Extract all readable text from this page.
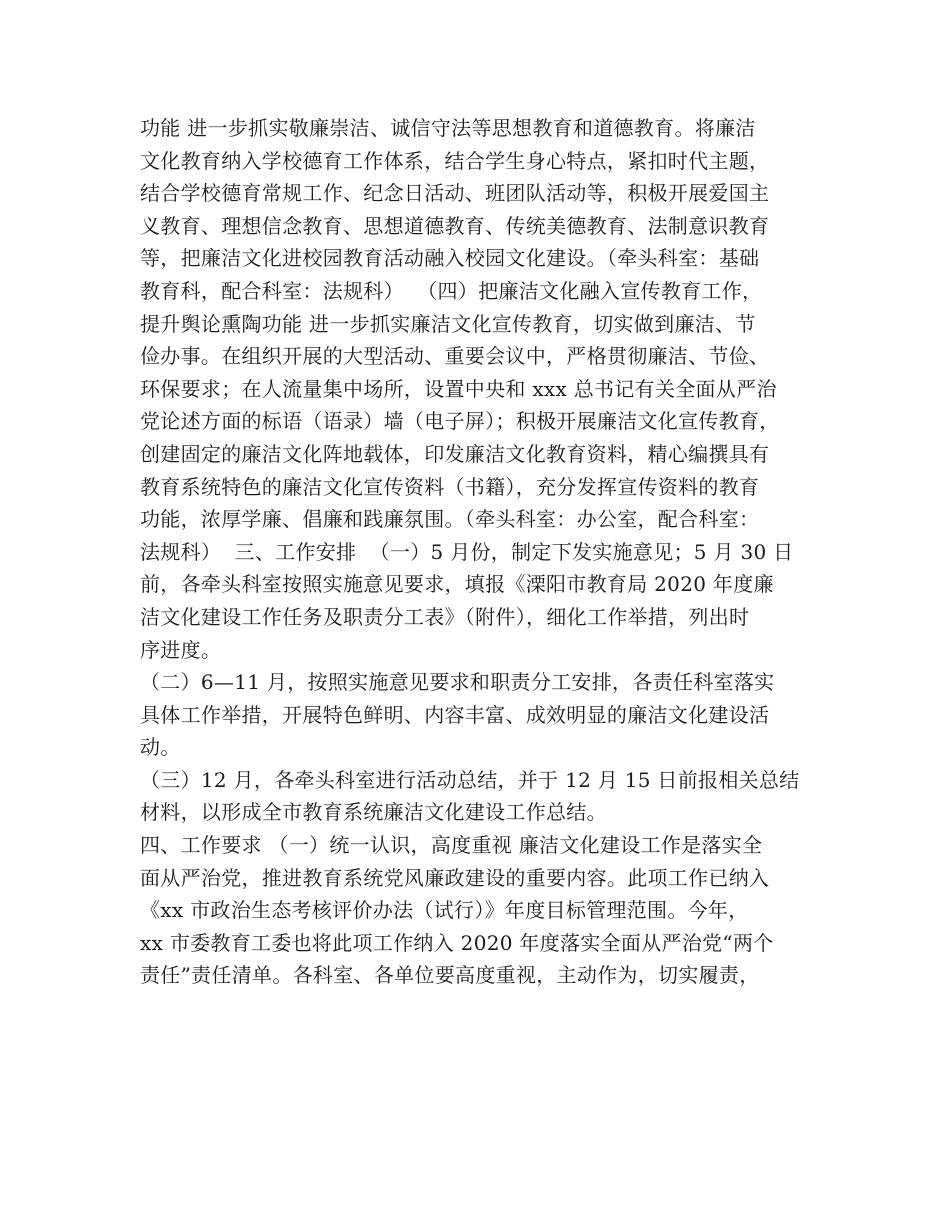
功能 进一步抓实敬廉崇洁、诚信守法等思想教育和道德教育。将廉洁
文化教育纳入学校德育工作体系，结合学生身心特点，紧扣时代主题，
结合学校德育常规工作、纪念日活动、班团队活动等，积极开展爱国主
义教育、理想信念教育、思想道德教育、传统美德教育、法制意识教育
等，把廉洁文化进校园教育活动融入校园文化建设。（牵头科室：基础
教育科，配合科室：法规科）  （四）把廉洁文化融入宣传教育工作，
提升舆论熏陶功能 进一步抓实廉洁文化宣传教育，切实做到廉洁、节
俭办事。在组织开展的大型活动、重要会议中，严格贯彻廉洁、节俭、
环保要求；在人流量集中场所，设置中央和 xxx 总书记有关全面从严治
党论述方面的标语（语录）墙（电子屏）；积极开展廉洁文化宣传教育，
创建固定的廉洁文化阵地载体，印发廉洁文化教育资料，精心编撰具有
教育系统特色的廉洁文化宣传资料（书籍），充分发挥宣传资料的教育
功能，浓厚学廉、倡廉和践廉氛围。（牵头科室：办公室，配合科室：
法规科）  三、工作安排  （一）5 月份，制定下发实施意见；5 月 30 日
前，各牵头科室按照实施意见要求，填报《溧阳市教育局 2020 年度廉
洁文化建设工作任务及职责分工表》（附件），细化工作举措，列出时
序进度。
（二）6—11 月，按照实施意见要求和职责分工安排，各责任科室落实
具体工作举措，开展特色鲜明、内容丰富、成效明显的廉洁文化建设活
动。
（三）12 月，各牵头科室进行活动总结，并于 12 月 15 日前报相关总结
材料，以形成全市教育系统廉洁文化建设工作总结。
四、工作要求 （一）统一认识，高度重视 廉洁文化建设工作是落实全
面从严治党，推进教育系统党风廉政建设的重要内容。此项工作已纳入
《xx 市政治生态考核评价办法（试行）》年度目标管理范围。今年，
xx 市委教育工委也将此项工作纳入 2020 年度落实全面从严治党“两个
责任”责任清单。各科室、各单位要高度重视，主动作为，切实履责，
